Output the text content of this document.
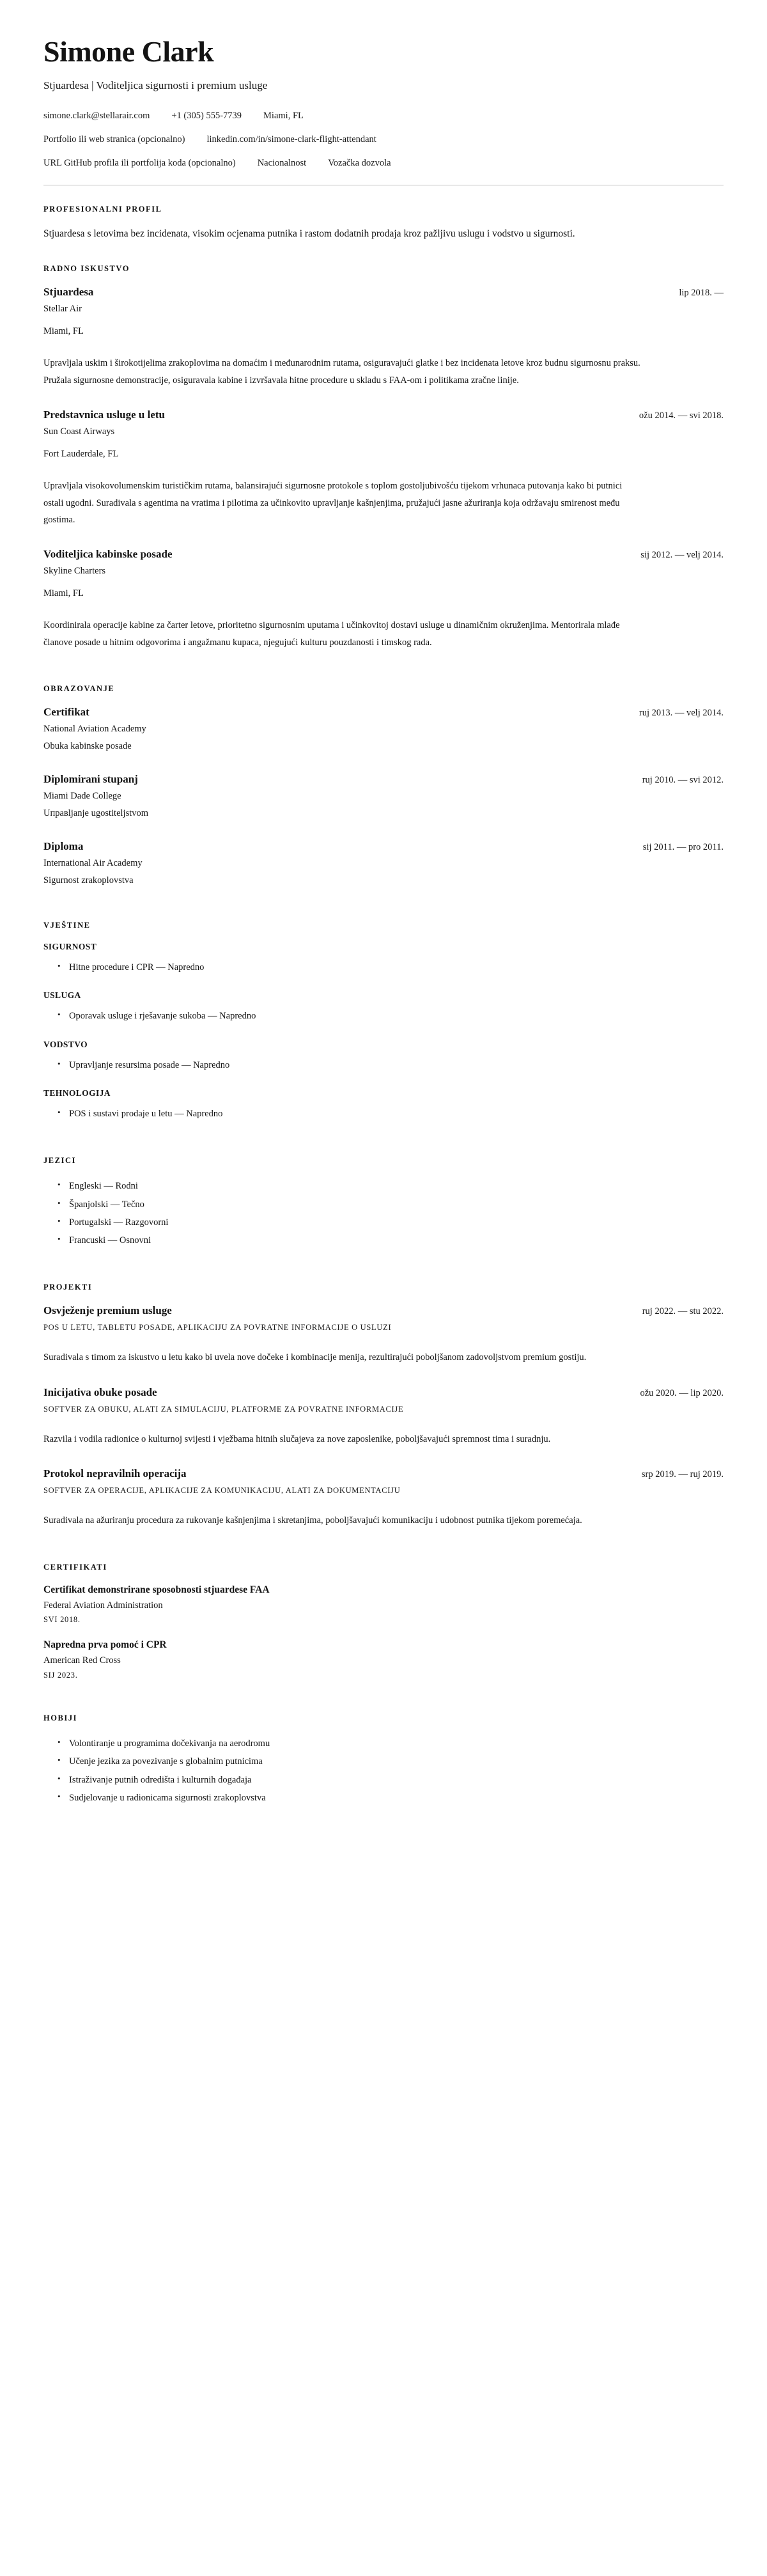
Simone Clark

Stjuardesa | Voditeljica sigurnosti i premium usluge

simone.clark@stellarair.com +1 (305) 555-7739 Miami, FL
Portfolio ili web stranica (opcionalno) linkedin.com/in/simone-clark-flight-attendant
URL GitHub profila ili portfolija koda (opcionalno) Nacionalnost Vozačka dozvola
PROFESIONALNI PROFIL

Stjuardesa s letovima bez incidenata, visokim ocjenama putnika i rastom dodatnih prodaja kroz pažljivu uslugu i vodstvo u sigurnosti.

RADNO ISKUSTVO
Stjuardesa	lip 2018. —

Stellar Air

Miami, FL

Upravljala uskim i širokotijelima zrakoplovima na domaćim i međunarodnim rutama, osiguravajući glatke i bez incidenata letove kroz budnu sigurnosnu praksu. Pružala sigurnosne demonstracije, osiguravala kabine i izvršavala hitne procedure u skladu s FAA-om i politikama zračne linije.

Predstavnica usluge u letu	ožu 2014. — svi 2018.

Sun Coast Airways

Fort Lauderdale, FL

Upravljala visokovolumenskim turističkim rutama, balansirajući sigurnosne protokole s toplom gostoljubivošću tijekom vrhunaca putovanja kako bi putnici ostali ugodni. Suradivala s agentima na vratima i pilotima za učinkovito upravljanje kašnjenjima, pružajući jasne ažuriranja koja održavaju smirenost među gostima.

Voditeljica kabinske posade	sij 2012. — velj 2014.

Skyline Charters

Miami, FL

Koordinirala operacije kabine za čarter letove, prioritetno sigurnosnim uputama i učinkovitoj dostavi usluge u dinamičnim okruženjima. Mentorirala mlađe članove posade u hitnim odgovorima i angažmanu kupaca, njegujući kulturu pouzdanosti i timskog rada.

OBRAZOVANJE
Certifikat	ruj 2013. — velj 2014.

National Aviation Academy

Obuka kabinske posade

Diplomirani stupanj	ruj 2010. — svi 2012.

Miami Dade College

Uпpaвljanje ugostiteljstvom

Diploma	sij 2011. — pro 2011.

International Air Academy

Sigurnost zrakoplovstva

VJEŠTINE
SIGURNOST
• Hitne procedure i CPR — Napredno
USLUGA
• Oporavak usluge i rješavanje sukoba — Napredno
VODSTVO
• Upravljanje resursima posade — Napredno
TEHNOLOGIJA
• POS i sustavi prodaje u letu — Napredno
JEZICI
• Engleski — Rodni
• Španjolski — Tečno
• Portugalski — Razgovorni
• Francuski — Osnovni
PROJEKTI
Osvježenje premium usluge	ruj 2022. — stu 2022.

POS U LETU, TABLETU POSADE, APLIKACIJU ZA POVRATNE INFORMACIJE O USLUZI

Suradivala s timom za iskustvo u letu kako bi uvela nove dočeke i kombinacije menija, rezultirajući poboljšanom zadovoljstvom premium gostiju.

Inicijativa obuke posade	ožu 2020. — lip 2020.

SOFTVER ZA OBUKU, ALATI ZA SIMULACIJU, PLATFORME ZA POVRATNE INFORMACIJE

Razvila i vodila radionice o kulturnoj svijesti i vježbama hitnih slučajeva za nove zaposlenike, poboljšavajući spremnost tima i suradnju.

Protokol nepravilnih operacija	srp 2019. — ruj 2019.

SOFTVER ZA OPERACIJE, APLIKACIJE ZA KOMUNIKACIJU, ALATI ZA DOKUMENTACIJU

Suradivala na ažuriranju procedura za rukovanje kašnjenjima i skretanjima, poboljšavajući komunikaciju i udobnost putnika tijekom poremećaja.

CERTIFIKATI
Certifikat demonstrirane sposobnosti stjuardese FAA

Federal Aviation Administration

SVI 2018.

Napredna prva pomoć i CPR

American Red Cross

SIJ 2023.

HOBIJI
• Volontiranje u programima dočekivanja na aerodromu
• Učenje jezika za povezivanje s globalnim putnicima
• Istraživanje putnih odredišta i kulturnih događaja
• Sudjelovanje u radionicama sigurnosti zrakoplovstva
